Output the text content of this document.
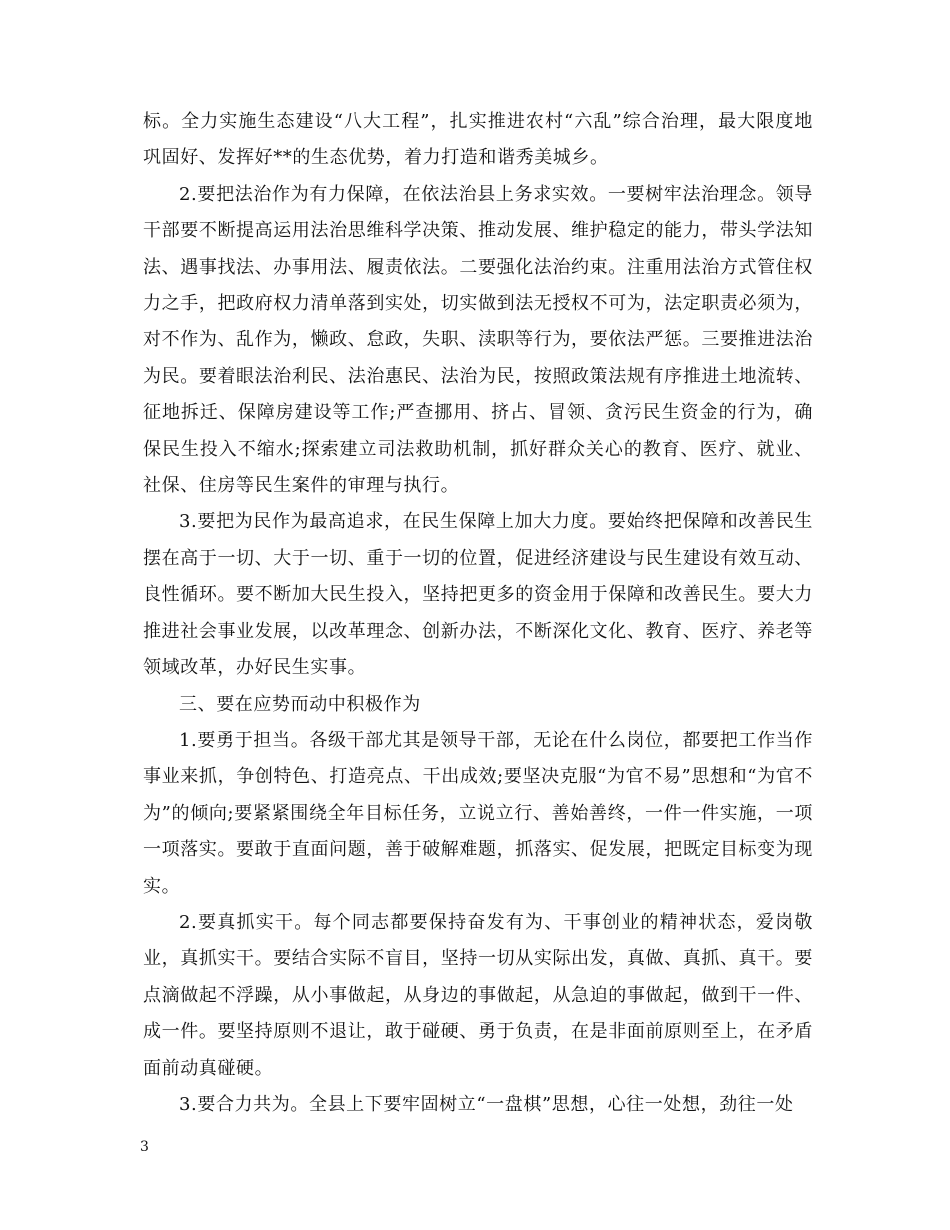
标。全力实施生态建设“八大工程”，扎实推进农村“六乱”综合治理，最大限度地巩固好、发挥好**的生态优势，着力打造和谐秀美城乡。

2.要把法治作为有力保障，在依法治县上务求实效。一要树牢法治理念。领导干部要不断提高运用法治思维科学决策、推动发展、维护稳定的能力，带头学法知法、遇事找法、办事用法、履责依法。二要强化法治约束。注重用法治方式管住权力之手，把政府权力清单落到实处，切实做到法无授权不可为，法定职责必须为，对不作为、乱作为，懒政、怠政，失职、渎职等行为，要依法严惩。三要推进法治为民。要着眼法治利民、法治惠民、法治为民，按照政策法规有序推进土地流转、征地拆迁、保障房建设等工作;严查挪用、挤占、冒领、贪污民生资金的行为，确保民生投入不缩水;探索建立司法救助机制，抓好群众关心的教育、医疗、就业、社保、住房等民生案件的审理与执行。

3.要把为民作为最高追求，在民生保障上加大力度。要始终把保障和改善民生摆在高于一切、大于一切、重于一切的位置，促进经济建设与民生建设有效互动、良性循环。要不断加大民生投入，坚持把更多的资金用于保障和改善民生。要大力推进社会事业发展，以改革理念、创新办法，不断深化文化、教育、医疗、养老等领域改革，办好民生实事。

三、要在应势而动中积极作为

1.要勇于担当。各级干部尤其是领导干部，无论在什么岗位，都要把工作当作事业来抓，争创特色、打造亮点、干出成效;要坚决克服“为官不易”思想和“为官不为”的倾向;要紧紧围绕全年目标任务，立说立行、善始善终，一件一件实施，一项一项落实。要敢于直面问题，善于破解难题，抓落实、促发展，把既定目标变为现实。

2.要真抓实干。每个同志都要保持奋发有为、干事创业的精神状态，爱岗敬业，真抓实干。要结合实际不盲目，坚持一切从实际出发，真做、真抓、真干。要点滴做起不浮躁，从小事做起，从身边的事做起，从急迫的事做起，做到干一件、成一件。要坚持原则不退让，敢于碰硬、勇于负责，在是非面前原则至上，在矛盾面前动真碰硬。

3.要合力共为。全县上下要牢固树立“一盘棋”思想，心往一处想，劲往一处

3
